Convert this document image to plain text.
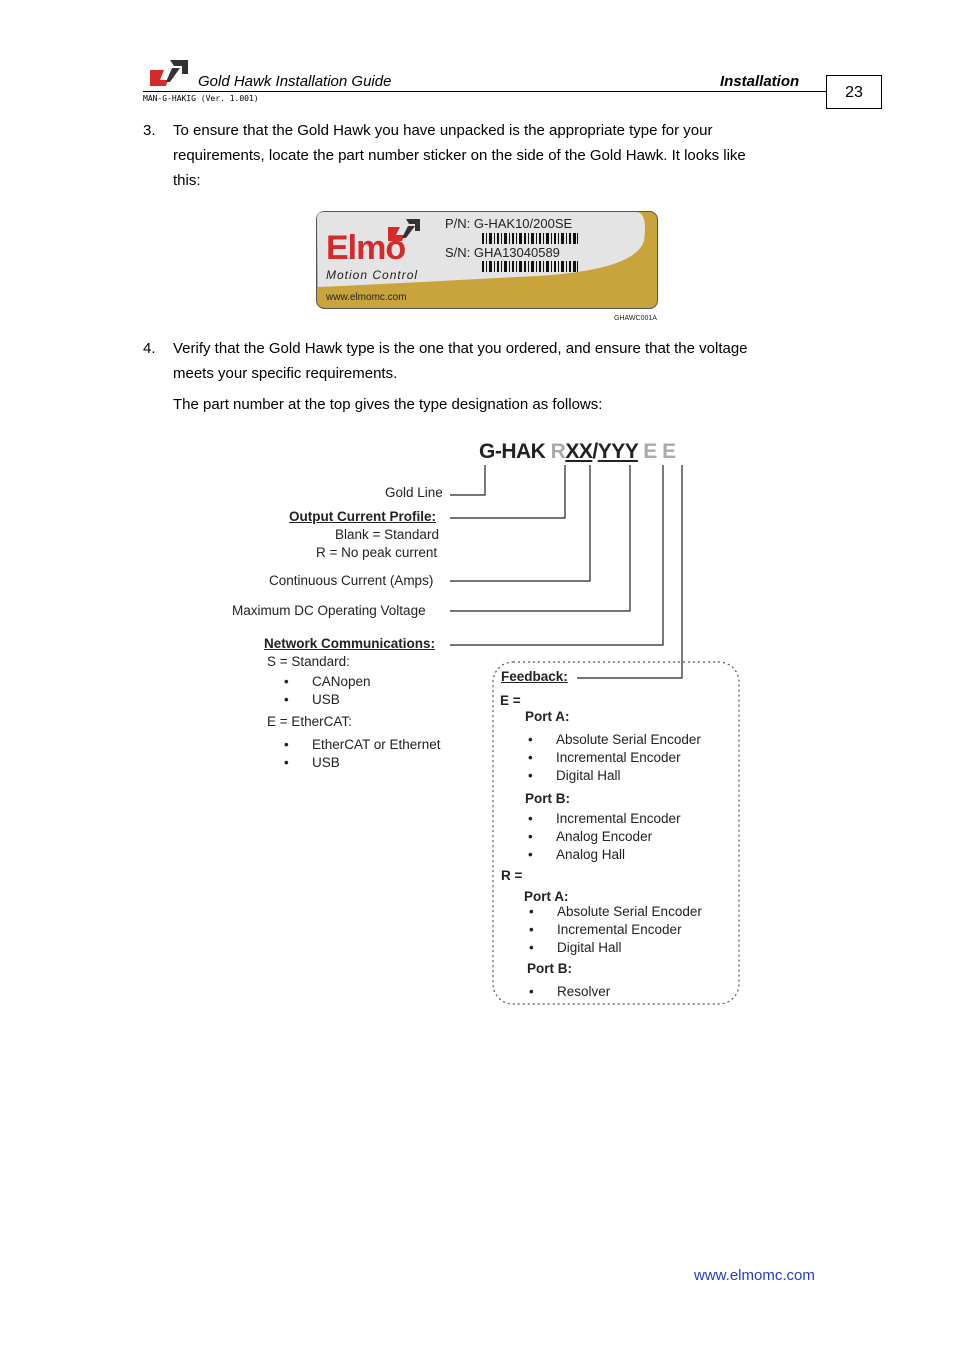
Gold Hawk Installation Guide	Installation
MAN-G-HAKIG (Ver. 1.001)	23
3. To ensure that the Gold Hawk you have unpacked is the appropriate type for your
requirements, locate the part number sticker on the side of the Gold Hawk. It looks like
this:
P/N: G-HAK10/200SE
S/N: GHA13040589
Elmo
Motion Control
www.elmomc.com
GHAWC001A
4. Verify that the Gold Hawk type is the one that you ordered, and ensure that the voltage
meets your specific requirements.
The part number at the top gives the type designation as follows:
G-HAK RXX/YYY E E
Gold Line
Output Current Profile:
Blank = Standard
R = No peak current
Continuous Current (Amps)
Maximum DC Operating Voltage
Network Communications:
S = Standard:
• CANopen
• USB
E = EtherCAT:
• EtherCAT or Ethernet
• USB
Feedback:
E =
Port A:
• Absolute Serial Encoder
• Incremental Encoder
• Digital Hall
Port B:
• Incremental Encoder
• Analog Encoder
• Analog Hall
R =
Port A:
• Absolute Serial Encoder
• Incremental Encoder
• Digital Hall
Port B:
• Resolver
www.elmomc.com
